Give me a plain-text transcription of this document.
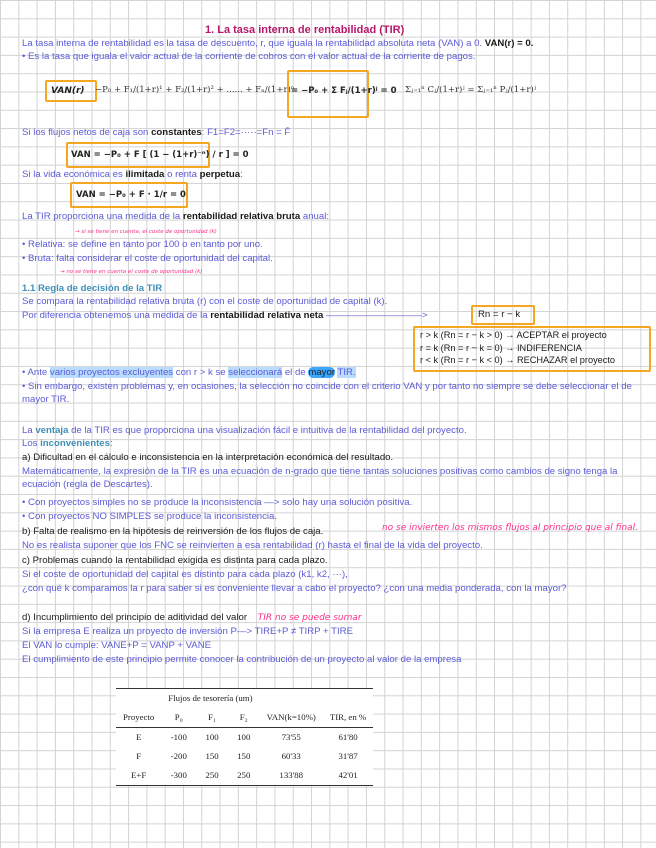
1. La tasa interna de rentabilidad (TIR)
La tasa interna de rentabilidad es la tasa de descuento, r, que iguala la rentabilidad absoluta neta (VAN) a 0. VAN(r) = 0.
• Es la tasa que iguala el valor actual de la corriente de cobros con el valor actual de la corriente de pagos.
VAN(r)	−P₀ + F₁/(1+r)¹ + F₂/(1+r)² + ...... + Fₙ/(1+r)ⁿ
= −P₀ + Σ Fⱼ/(1+r)ʲ = 0 Σⱼ₌₁ⁿ Cⱼ/(1+r)ʲ = Σⱼ₌₁ⁿ Pⱼ/(1+r)ʲ
Si los flujos netos de caja son constantes: F1=F2=·····=Fn = F̄
VAN = −P₀ + F [ (1 − (1+r)⁻ⁿ) / r ] = 0
Si la vida económica es ilimitada o renta perpetua:
VAN = −P₀ + F · 1/r = 0
La TIR proporciona una medida de la rentabilidad relativa bruta anual:
→ si se tiene en cuenta, el coste de oportunidad (k)
• Relativa: se define en tanto por 100 o en tanto por uno.
• Bruta: falta considerar el coste de oportunidad del capital.
→ no se tiene en cuenta el coste de oportunidad (k)
1.1 Regla de decisión de la TIR
Se compara la rentabilidad relativa bruta (r) con el coste de oportunidad de capital (k).
Por diferencia obtenemos una medida de la rentabilidad relativa neta ——————————>	Rn = r − k
r > k (Rn = r − k > 0) → ACEPTAR el proyecto
r = k (Rn = r − k = 0) → INDIFERENCIA
r < k (Rn = r − k < 0) → RECHAZAR el proyecto
• Ante varios proyectos excluyentes con r > k se seleccionará el de mayor TIR.
• Sin embargo, existen problemas y, en ocasiones, la selección no coincide con el criterio VAN y por tanto no siempre se debe seleccionar el de mayor TIR.
La ventaja de la TIR es que proporciona una visualización fácil e intuitiva de la rentabilidad del proyecto.
Los inconvenientes:
a) Dificultad en el cálculo e inconsistencia en la interpretación económica del resultado.
Matemáticamente, la expresión de la TIR es una ecuación de n-grado que tiene tantas soluciones positivas como cambios de signo tenga la ecuación (regla de Descartes).
• Con proyectos simples no se produce la inconsistencia —> solo hay una solución positiva.
• Con proyectos NO SIMPLES se produce la inconsistencia.
b) Falta de realismo en la hipótesis de reinversión de los flujos de caja.	no se invierten los mismos flujos al principio que al final.
No es realista suponer que los FNC se reinvierten a esa rentabilidad (r) hasta el final de la vida del proyecto.
c) Problemas cuando la rentabilidad exigida es distinta para cada plazo.
Si el coste de oportunidad del capital es distinto para cada plazo (k1, k2, ···),
¿con qué k comparamos la r para saber si es conveniente llevar a cabo el proyecto? ¿con una media ponderada, con la mayor?
d) Incumplimiento del principio de aditividad del valor TIR no se puede sumar
Si la empresa E realiza un proyecto de inversión P—> TIRE+P ≠ TIRP + TIRE
El VAN lo cumple: VANE+P = VANP + VANE
El cumplimiento de este principio permite conocer la contribución de un proyecto al valor de la empresa
	Flujos de tesorería (um)				
Proyecto	P₀	F₁	F₂	VAN(k=10%)	TIR, en %
E	-100	100	100	73'55	61'80
F	-200	150	150	60'33	31'87
E+F	-300	250	250	133'88	42'01
